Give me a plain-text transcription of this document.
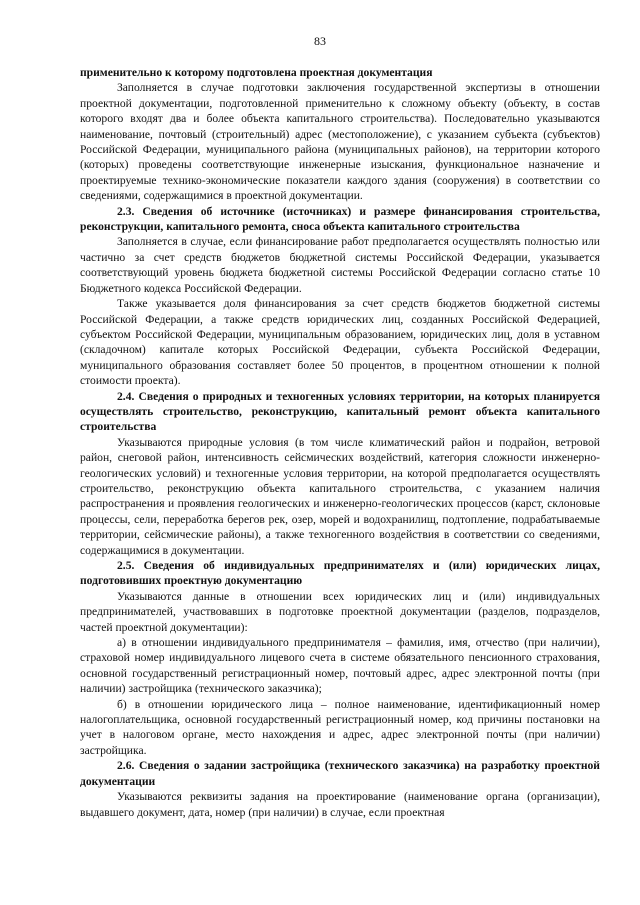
83

применительно к которому подготовлена проектная документация

Заполняется в случае подготовки заключения государственной экспертизы в отношении проектной документации, подготовленной применительно к сложному объекту (объекту, в состав которого входят два и более объекта капитального строительства). Последовательно указываются наименование, почтовый (строительный) адрес (местоположение), с указанием субъекта (субъектов) Российской Федерации, муниципального района (муниципальных районов), на территории которого (которых) проведены соответствующие инженерные изыскания, функциональное назначение и проектируемые технико-экономические показатели каждого здания (сооружения) в соответствии со сведениями, содержащимися в проектной документации.

2.3. Сведения об источнике (источниках) и размере финансирования строительства, реконструкции, капитального ремонта, сноса объекта капитального строительства

Заполняется в случае, если финансирование работ предполагается осуществлять полностью или частично за счет средств бюджетов бюджетной системы Российской Федерации, указывается соответствующий уровень бюджета бюджетной системы Российской Федерации согласно статье 10 Бюджетного кодекса Российской Федерации.

Также указывается доля финансирования за счет средств бюджетов бюджетной системы Российской Федерации, а также средств юридических лиц, созданных Российской Федерацией, субъектом Российской Федерации, муниципальным образованием, юридических лиц, доля в уставном (складочном) капитале которых Российской Федерации, субъекта Российской Федерации, муниципального образования составляет более 50 процентов, в процентном отношении к полной стоимости проекта).

2.4. Сведения о природных и техногенных условиях территории, на которых планируется осуществлять строительство, реконструкцию, капитальный ремонт объекта капитального строительства

Указываются природные условия (в том числе климатический район и подрайон, ветровой район, снеговой район, интенсивность сейсмических воздействий, категория сложности инженерно-геологических условий) и техногенные условия территории, на которой предполагается осуществлять строительство, реконструкцию объекта капитального строительства, с указанием наличия распространения и проявления геологических и инженерно-геологических процессов (карст, склоновые процессы, сели, переработка берегов рек, озер, морей и водохранилищ, подтопление, подрабатываемые территории, сейсмические районы), а также техногенного воздействия в соответствии со сведениями, содержащимися в документации.

2.5. Сведения об индивидуальных предпринимателях и (или) юридических лицах, подготовивших проектную документацию

Указываются данные в отношении всех юридических лиц и (или) индивидуальных предпринимателей, участвовавших в подготовке проектной документации (разделов, подразделов, частей проектной документации):

а) в отношении индивидуального предпринимателя – фамилия, имя, отчество (при наличии), страховой номер индивидуального лицевого счета в системе обязательного пенсионного страхования, основной государственный регистрационный номер, почтовый адрес, адрес электронной почты (при наличии) застройщика (технического заказчика);

б) в отношении юридического лица – полное наименование, идентификационный номер налогоплательщика, основной государственный регистрационный номер, код причины постановки на учет в налоговом органе, место нахождения и адрес, адрес электронной почты (при наличии) застройщика.

2.6. Сведения о задании застройщика (технического заказчика) на разработку проектной документации

Указываются реквизиты задания на проектирование (наименование органа (организации), выдавшего документ, дата, номер (при наличии) в случае, если проектная
